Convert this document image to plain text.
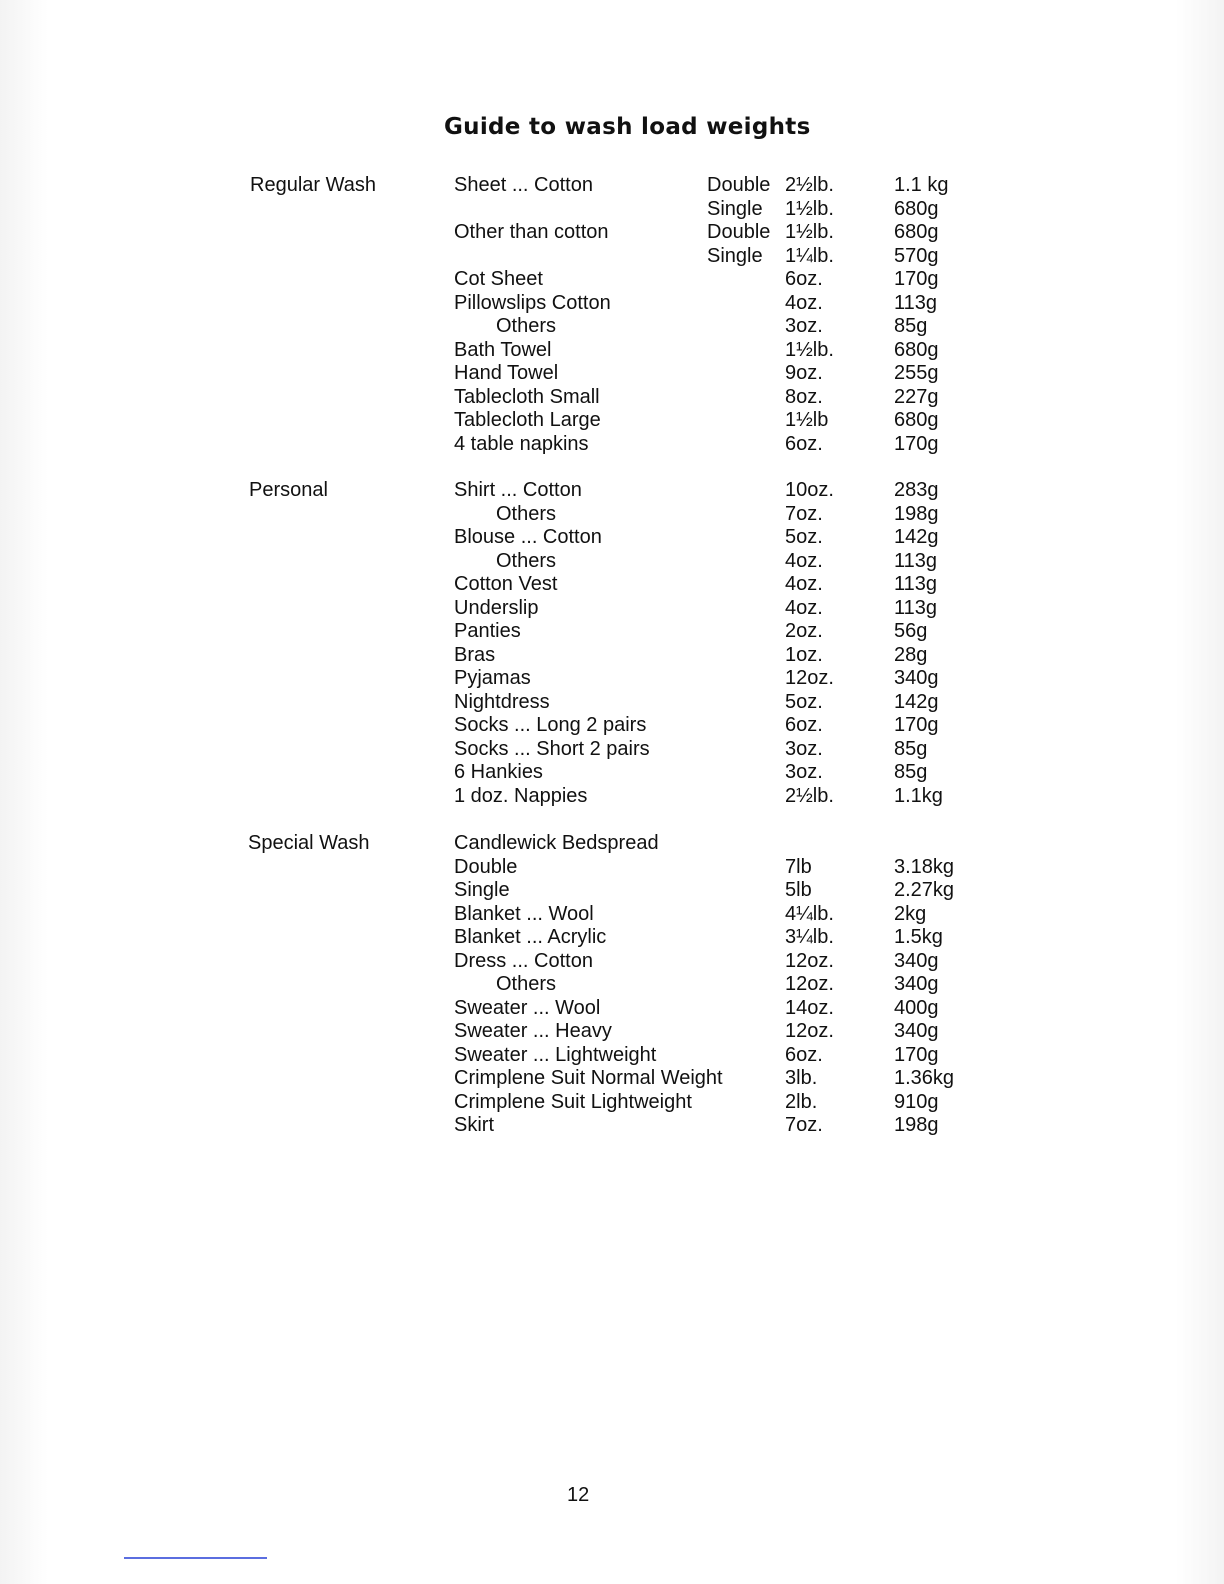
Guide to wash load weights
Regular Wash	Sheet ... Cotton	Double 2½lb.	1.1 kg
Single 1½lb.	680g
Other than cotton	Double 1½lb.	680g
Single 1¼lb.	570g
Cot Sheet	6oz.	170g
Pillowslips Cotton	4oz.	113g
Others	3oz.	85g
Bath Towel	1½lb.	680g
Hand Towel	9oz.	255g
Tablecloth Small	8oz.	227g
Tablecloth Large	1½lb	680g
4 table napkins	6oz.	170g
Personal	Shirt ... Cotton	10oz.	283g
Others	7oz.	198g
Blouse ... Cotton	5oz.	142g
Others	4oz.	113g
Cotton Vest	4oz.	113g
Underslip	4oz.	113g
Panties	2oz.	56g
Bras	1oz.	28g
Pyjamas	12oz.	340g
Nightdress	5oz.	142g
Socks ... Long 2 pairs	6oz.	170g
Socks ... Short 2 pairs	3oz.	85g
6 Hankies	3oz.	85g
1 doz. Nappies	2½lb.	1.1kg
Special Wash	Candlewick Bedspread
Double	7lb	3.18kg
Single	5lb	2.27kg
Blanket ... Wool	4¼lb.	2kg
Blanket ... Acrylic	3¼lb.	1.5kg
Dress ... Cotton	12oz.	340g
Others	12oz.	340g
Sweater ... Wool	14oz.	400g
Sweater ... Heavy	12oz.	340g
Sweater ... Lightweight	6oz.	170g
Crimplene Suit Normal Weight	3lb.	1.36kg
Crimplene Suit Lightweight	2lb.	910g
Skirt	7oz.	198g
12
